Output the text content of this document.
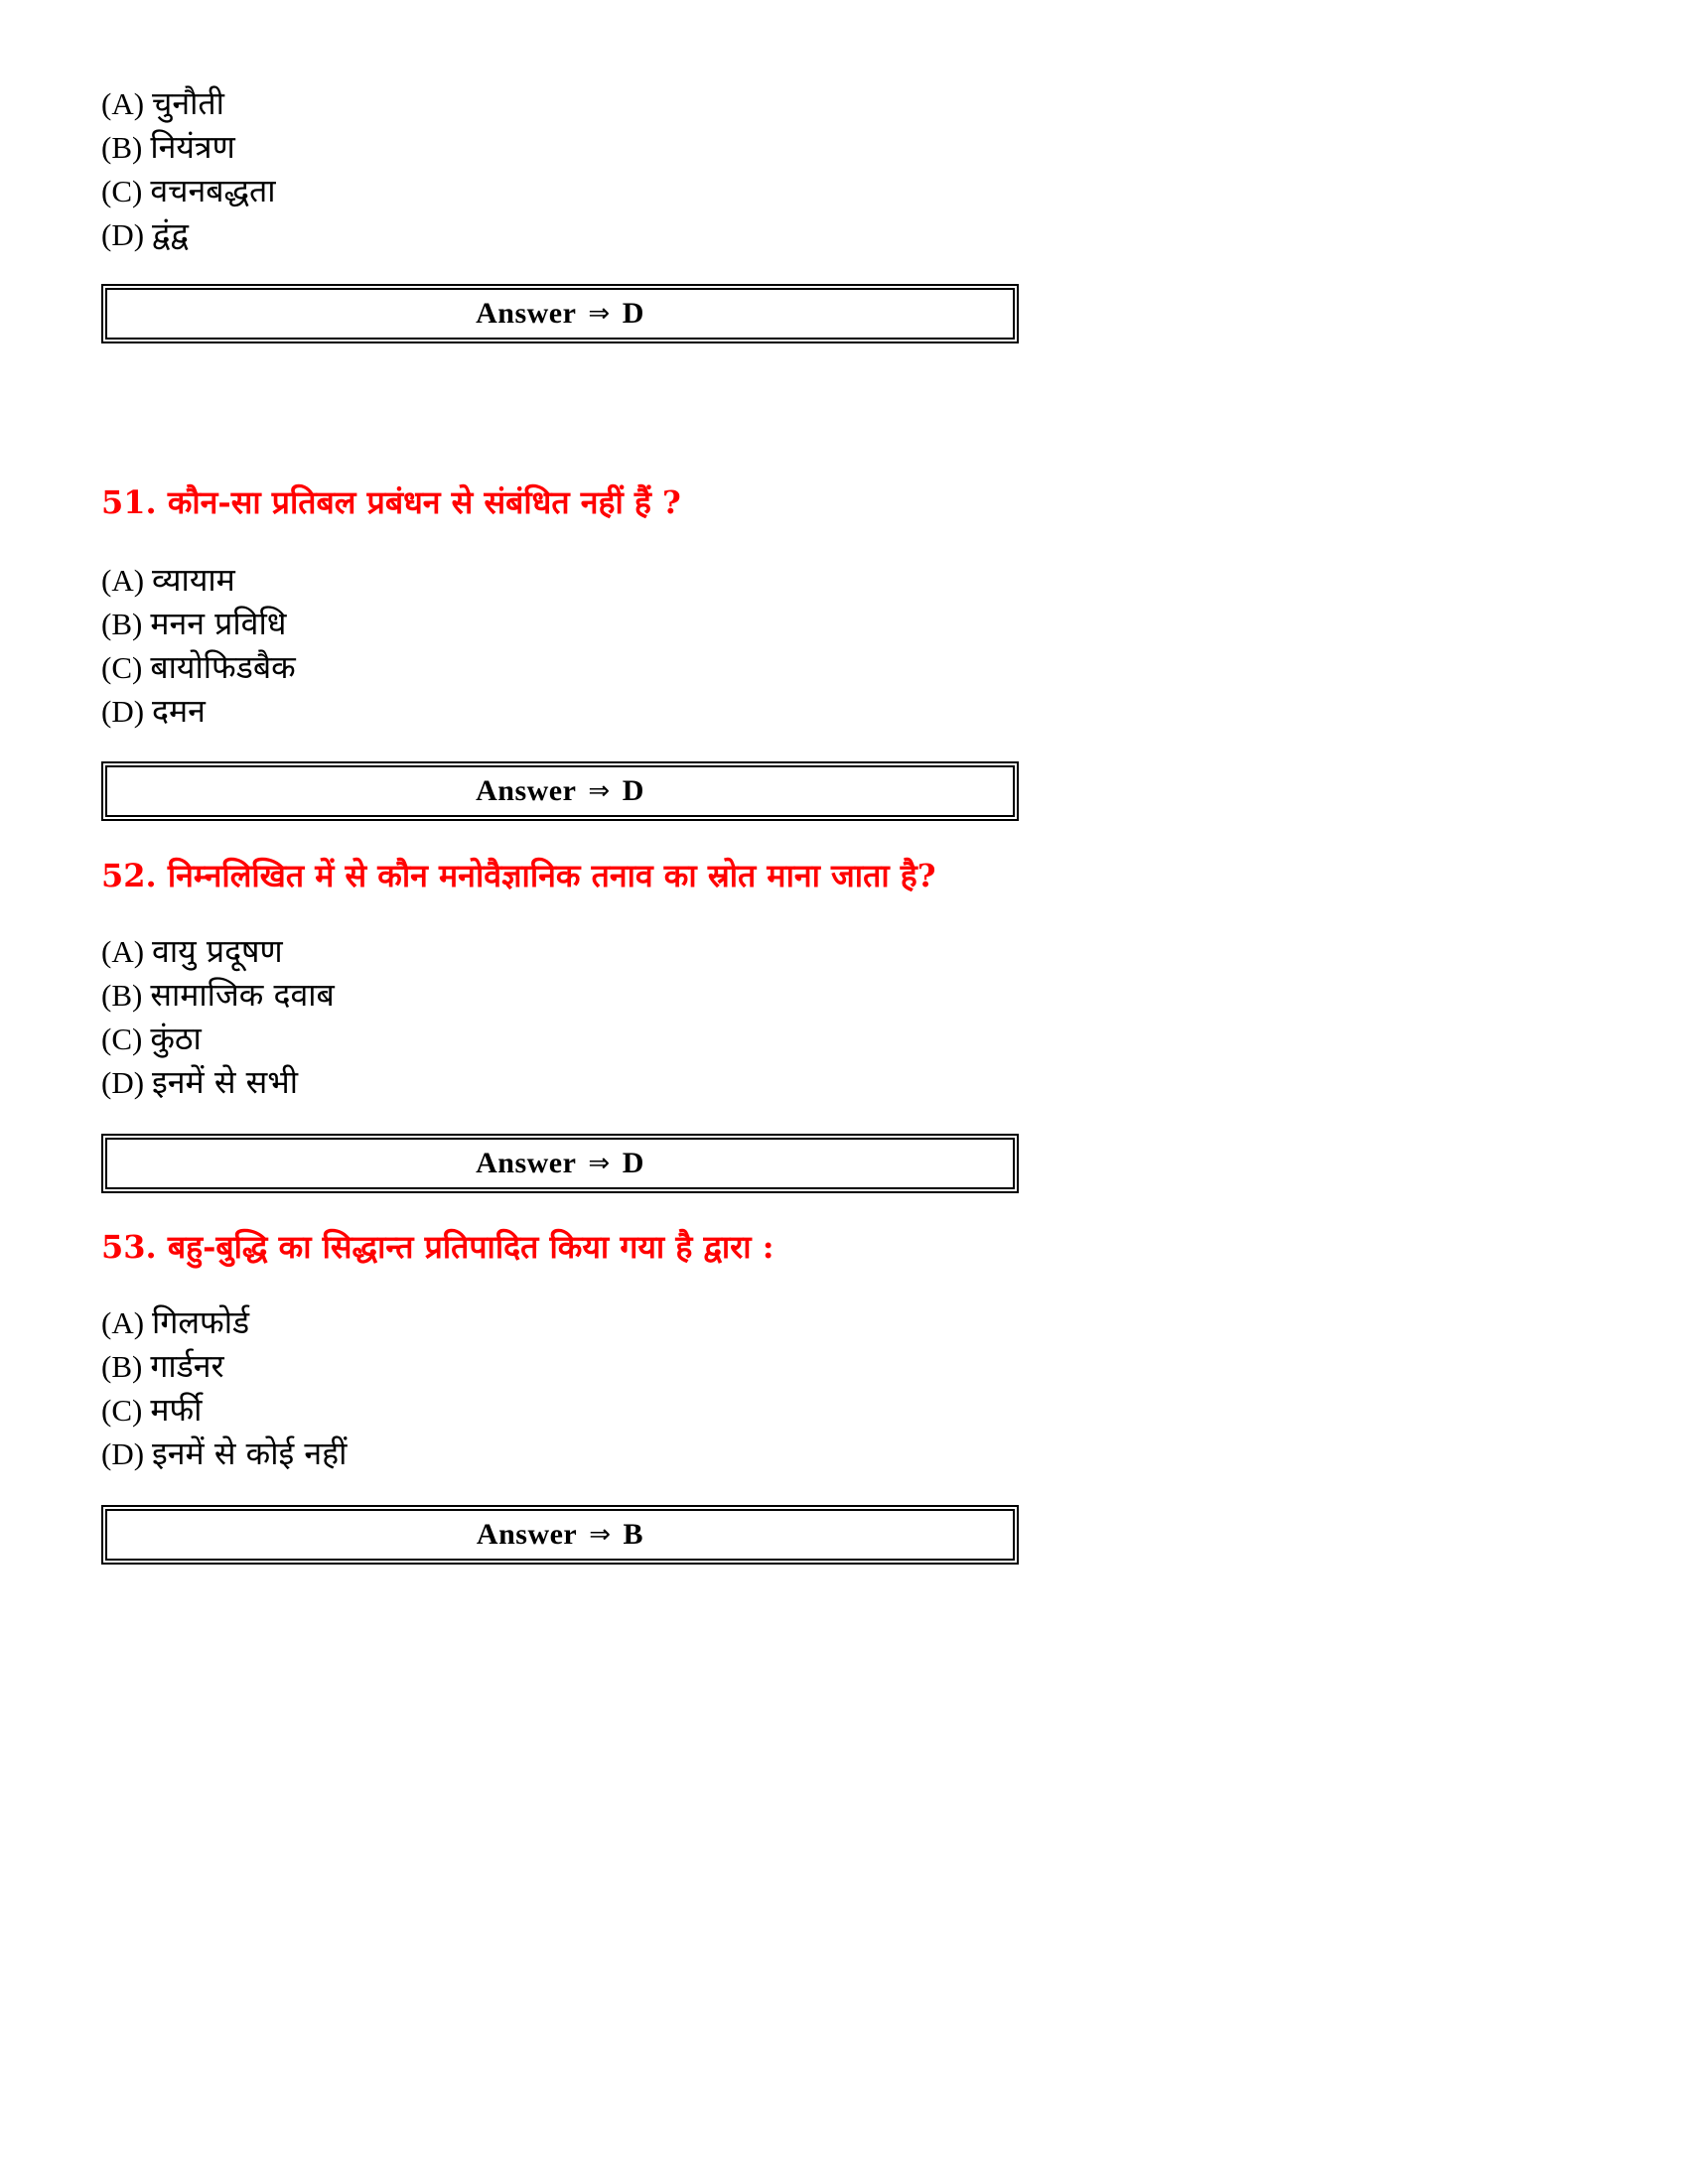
(A) चुनौती
(B) नियंत्रण
(C) वचनबद्धता
(D) द्वंद्व
Answer ⇒ D
51. कौन-सा प्रतिबल प्रबंधन से संबंधित नहीं हैं ?
(A) व्यायाम
(B) मनन प्रविधि
(C) बायोफिडबैक
(D) दमन
Answer ⇒ D
52. निम्नलिखित में से कौन मनोवैज्ञानिक तनाव का स्रोत माना जाता है?
(A) वायु प्रदूषण
(B) सामाजिक दवाब
(C) कुंठा
(D) इनमें से सभी
Answer ⇒ D
53. बहु-बुद्धि का सिद्धान्त प्रतिपादित किया गया है द्वारा :
(A) गिलफोर्ड
(B) गार्डनर
(C) मर्फी
(D) इनमें से कोई नहीं
Answer ⇒ B
